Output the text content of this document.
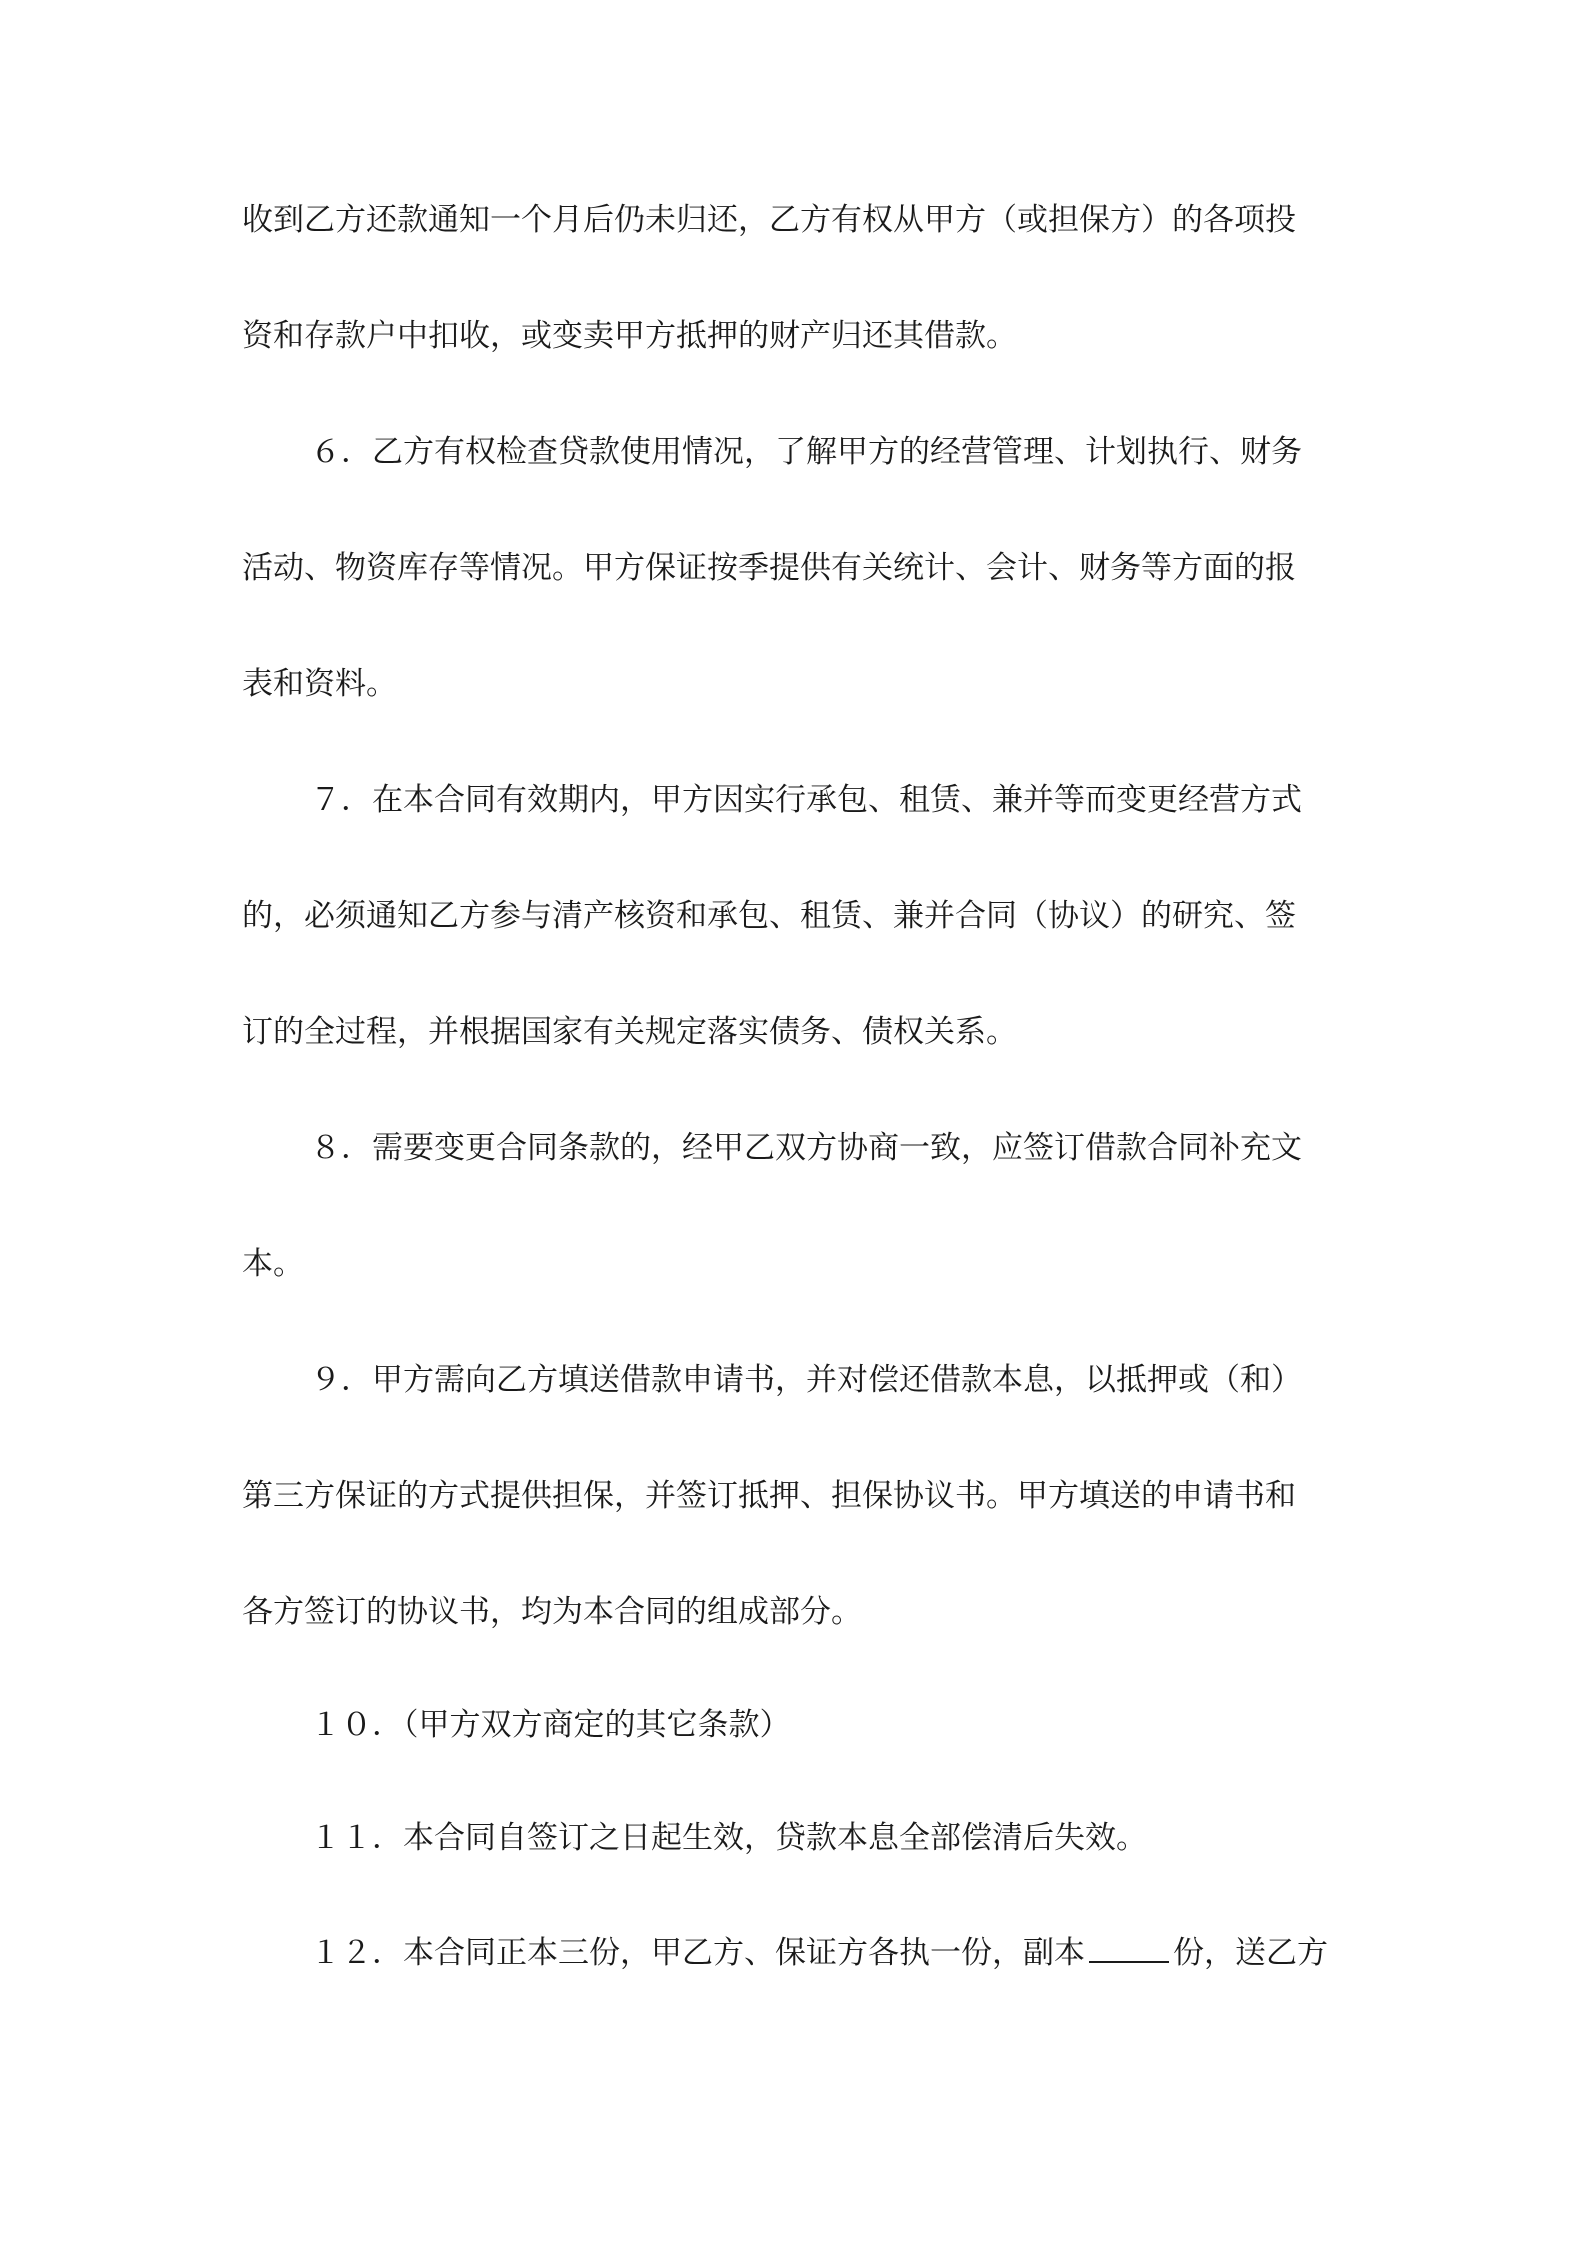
收到乙方还款通知一个月后仍未归还，乙方有权从甲方（或担保方）的各项投
资和存款户中扣收，或变卖甲方抵押的财产归还其借款。
６．乙方有权检查贷款使用情况，了解甲方的经营管理、计划执行、财务
活动、物资库存等情况。甲方保证按季提供有关统计、会计、财务等方面的报
表和资料。
７．在本合同有效期内，甲方因实行承包、租赁、兼并等而变更经营方式
的，必须通知乙方参与清产核资和承包、租赁、兼并合同（协议）的研究、签
订的全过程，并根据国家有关规定落实债务、债权关系。
８．需要变更合同条款的，经甲乙双方协商一致，应签订借款合同补充文
本。
９．甲方需向乙方填送借款申请书，并对偿还借款本息，以抵押或（和）
第三方保证的方式提供担保，并签订抵押、担保协议书。甲方填送的申请书和
各方签订的协议书，均为本合同的组成部分。
１０．（甲方双方商定的其它条款）
１１．本合同自签订之日起生效，贷款本息全部偿清后失效。
１２．本合同正本三份，甲乙方、保证方各执一份，副本	份，送乙方
